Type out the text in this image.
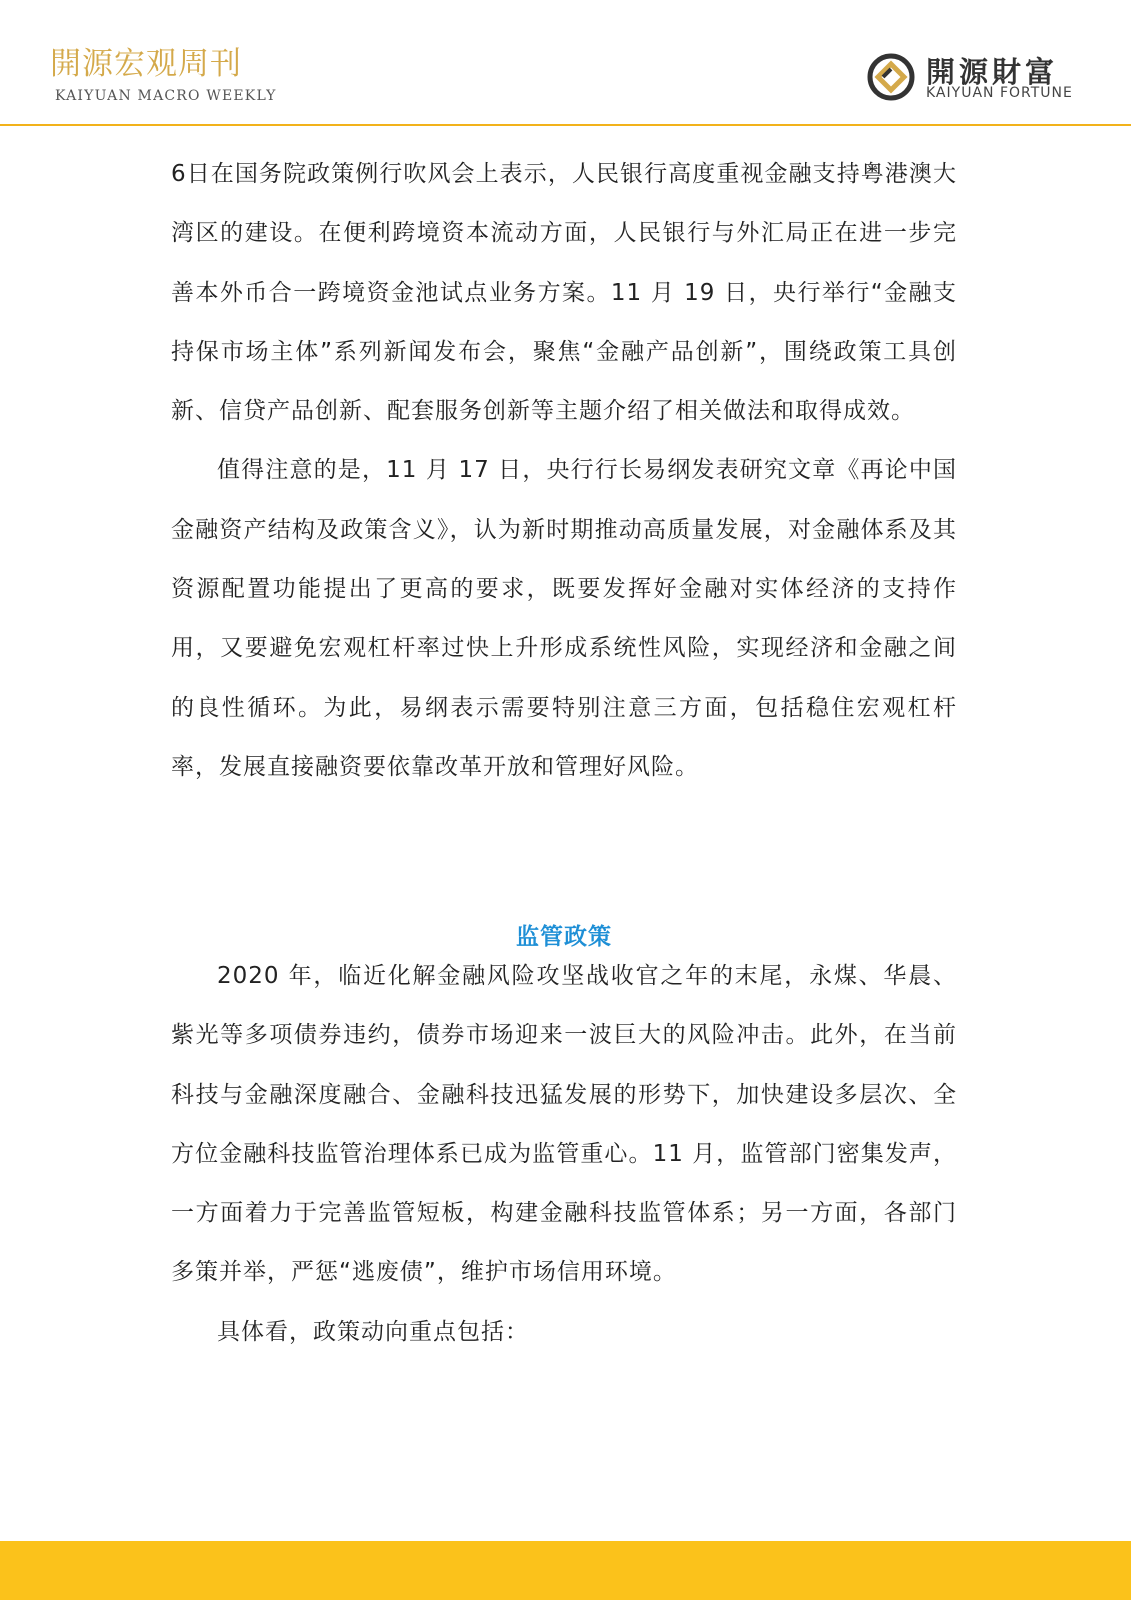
開源宏观周刊
KAIYUAN MACRO WEEKLY
開源財富
KAIYUAN FORTUNE

6日在国务院政策例行吹风会上表示，人民银行高度重视金融支持粤港澳大湾区的建设。在便利跨境资本流动方面，人民银行与外汇局正在进一步完善本外币合一跨境资金池试点业务方案。11 月 19 日，央行举行“金融支持保市场主体”系列新闻发布会，聚焦“金融产品创新”，围绕政策工具创新、信贷产品创新、配套服务创新等主题介绍了相关做法和取得成效。

值得注意的是，11 月 17 日，央行行长易纲发表研究文章《再论中国金融资产结构及政策含义》，认为新时期推动高质量发展，对金融体系及其资源配置功能提出了更高的要求，既要发挥好金融对实体经济的支持作用，又要避免宏观杠杆率过快上升形成系统性风险，实现经济和金融之间的良性循环。为此，易纲表示需要特别注意三方面，包括稳住宏观杠杆率，发展直接融资要依靠改革开放和管理好风险。

监管政策

2020 年，临近化解金融风险攻坚战收官之年的末尾，永煤、华晨、紫光等多项债券违约，债券市场迎来一波巨大的风险冲击。此外，在当前科技与金融深度融合、金融科技迅猛发展的形势下，加快建设多层次、全方位金融科技监管治理体系已成为监管重心。11 月，监管部门密集发声，一方面着力于完善监管短板，构建金融科技监管体系；另一方面，各部门多策并举，严惩“逃废债”，维护市场信用环境。

具体看，政策动向重点包括：
